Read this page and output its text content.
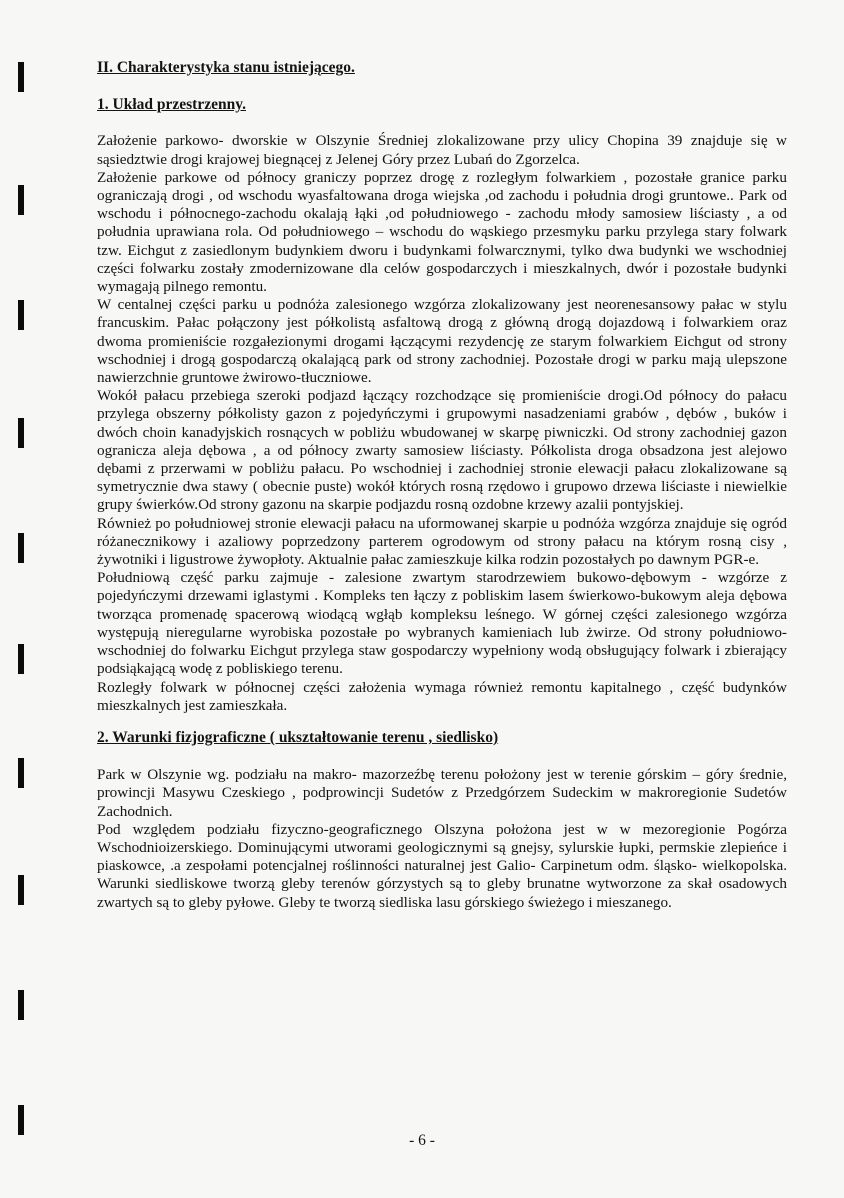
II. Charakterystyka stanu istniejącego.

1. Układ przestrzenny.

Założenie parkowo- dworskie w Olszynie Średniej zlokalizowane przy ulicy Chopina 39 znajduje się w sąsiedztwie drogi krajowej biegnącej z Jelenej Góry przez Lubań do Zgorzelca.

Założenie parkowe od północy graniczy poprzez drogę z rozległym folwarkiem , pozostałe granice parku ograniczają drogi , od wschodu wyasfaltowana droga wiejska ,od zachodu i południa drogi gruntowe.. Park od wschodu i północnego-zachodu okalają łąki ,od południowego - zachodu młody samosiew liściasty , a od południa uprawiana rola. Od południowego – wschodu do wąskiego przesmyku parku przylega stary folwark tzw. Eichgut z zasiedlonym budynkiem dworu i budynkami folwarcznymi, tylko dwa budynki we wschodniej części folwarku zostały zmodernizowane dla celów gospodarczych i mieszkalnych, dwór i pozostałe budynki wymagają pilnego remontu.

W centalnej części parku u podnóża zalesionego wzgórza zlokalizowany jest neorenesansowy pałac w stylu francuskim. Pałac połączony jest półkolistą asfaltową drogą z główną drogą dojazdową i folwarkiem oraz dwoma promieniście rozgałezionymi drogami łączącymi rezydencję ze starym folwarkiem Eichgut od strony wschodniej i drogą gospodarczą okalającą park od strony zachodniej. Pozostałe drogi w parku mają ulepszone nawierzchnie gruntowe żwirowo-tłuczniowe.

Wokół pałacu przebiega szeroki podjazd łączący rozchodzące się promieniście drogi.Od północy do pałacu przylega obszerny półkolisty gazon z pojedyńczymi i grupowymi nasadzeniami grabów , dębów , buków i dwóch choin kanadyjskich rosnących w pobliżu wbudowanej w skarpę piwniczki. Od strony zachodniej gazon ogranicza aleja dębowa , a od północy zwarty samosiew liściasty. Półkolista droga obsadzona jest alejowo dębami z przerwami w pobliżu pałacu. Po wschodniej i zachodniej stronie elewacji pałacu zlokalizowane są symetrycznie dwa stawy ( obecnie puste) wokół których rosną rzędowo i grupowo drzewa liściaste i niewielkie grupy świerków.Od strony gazonu na skarpie podjazdu rosną ozdobne krzewy azalii pontyjskiej.

Również po południowej stronie elewacji pałacu na uformowanej skarpie u podnóża wzgórza znajduje się ogród różanecznikowy i azaliowy poprzedzony parterem ogrodowym od strony pałacu na którym rosną cisy , żywotniki i ligustrowe żywopłoty. Aktualnie pałac zamieszkuje kilka rodzin pozostałych po dawnym PGR-e.

Południową część parku zajmuje - zalesione zwartym starodrzewiem bukowo-dębowym - wzgórze z pojedyńczymi drzewami iglastymi . Kompleks ten łączy z pobliskim lasem świerkowo-bukowym aleja dębowa tworząca promenadę spacerową wiodącą wgłąb kompleksu leśnego. W górnej części zalesionego wzgórza występują nieregularne wyrobiska pozostałe po wybranych kamieniach lub żwirze. Od strony południowo-wschodniej do folwarku Eichgut przylega staw gospodarczy wypełniony wodą obsługujący folwark i zbierający podsiąkającą wodę z pobliskiego terenu.

Rozległy folwark w północnej części założenia wymaga również remontu kapitalnego , część budynków mieszkalnych jest zamieszkała.

2. Warunki fizjograficzne ( ukształtowanie terenu , siedlisko)

Park w Olszynie wg. podziału na makro- mazorzeźbę terenu położony jest w terenie górskim – góry średnie, prowincji Masywu Czeskiego , podprowincji Sudetów z Przedgórzem Sudeckim w makroregionie Sudetów Zachodnich.

Pod względem podziału fizyczno-geograficznego Olszyna położona jest w w mezoregionie Pogórza Wschodnioizerskiego. Dominującymi utworami geologicznymi są gnejsy, sylurskie łupki, permskie zlepieńce i piaskowce, .a zespołami potencjalnej roślinności naturalnej jest Galio- Carpinetum odm. śląsko- wielkopolska. Warunki siedliskowe tworzą gleby terenów górzystych są to gleby brunatne wytworzone za skał osadowych zwartych są to gleby pyłowe. Gleby te tworzą siedliska lasu górskiego świeżego i mieszanego.

- 6 -
